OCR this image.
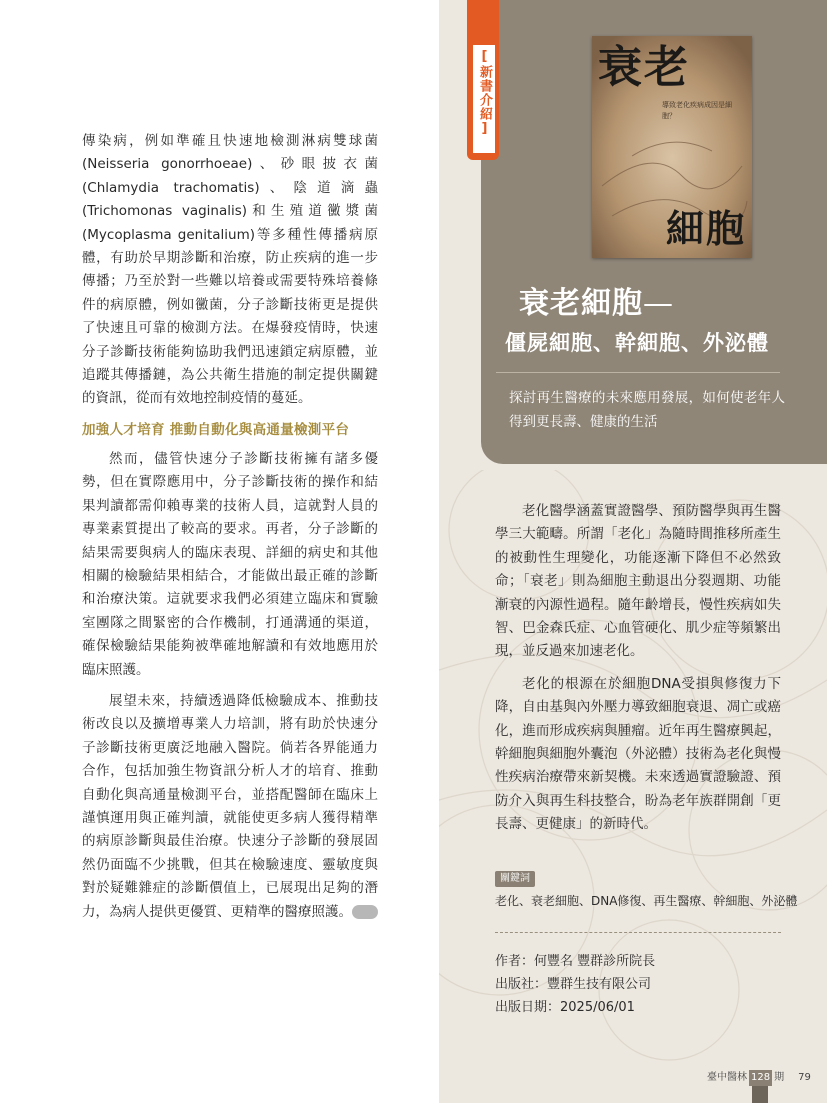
傳染病，例如準確且快速地檢測淋病雙球菌(Neisseria gonorrhoeae)、砂眼披衣菌(Chlamydia trachomatis)、陰道滴蟲(Trichomonas vaginalis)和生殖道黴漿菌 (Mycoplasma genitalium)等多種性傳播病原體，有助於早期診斷和治療，防止疾病的進一步傳播；乃至於對一些難以培養或需要特殊培養條件的病原體，例如黴菌，分子診斷技術更是提供了快速且可靠的檢測方法。在爆發疫情時，快速分子診斷技術能夠協助我們迅速鎖定病原體，並追蹤其傳播鏈，為公共衛生措施的制定提供關鍵的資訊，從而有效地控制疫情的蔓延。

加強人才培育 推動自動化與高通量檢測平台

然而，儘管快速分子診斷技術擁有諸多優勢，但在實際應用中，分子診斷技術的操作和結果判讀都需仰賴專業的技術人員，這就對人員的專業素質提出了較高的要求。再者，分子診斷的結果需要與病人的臨床表現、詳細的病史和其他相關的檢驗結果相結合，才能做出最正確的診斷和治療決策。這就要求我們必須建立臨床和實驗室團隊之間緊密的合作機制，打通溝通的渠道，確保檢驗結果能夠被準確地解讀和有效地應用於臨床照護。

展望未來，持續透過降低檢驗成本、推動技術改良以及擴增專業人力培訓，將有助於快速分子診斷技術更廣泛地融入醫院。倘若各界能通力合作，包括加強生物資訊分析人才的培育、推動自動化與高通量檢測平台，並搭配醫師在臨床上謹慎運用與正確判讀，就能使更多病人獲得精準的病原診斷與最佳治療。快速分子診斷的發展固然仍面臨不少挑戰，但其在檢驗速度、靈敏度與對於疑難雜症的診斷價值上，已展現出足夠的潛力，為病人提供更優質、更精準的醫療照護。	»»

[ 新書介紹 ] 衰老
導致老化疾病成因是細胞？
細胞
衰老細胞—
僵屍細胞、幹細胞、外泌體
探討再生醫療的未來應用發展，如何使老年人得到更長壽、健康的生活

老化醫學涵蓋實證醫學、預防醫學與再生醫學三大範疇。所謂「老化」為隨時間推移所產生的被動性生理變化，功能逐漸下降但不必然致命；「衰老」則為細胞主動退出分裂週期、功能漸衰的內源性過程。隨年齡增長，慢性疾病如失智、巴金森氏症、心血管硬化、肌少症等頻繁出現，並反過來加速老化。

老化的根源在於細胞DNA受損與修復力下降，自由基與內外壓力導致細胞衰退、凋亡或癌化，進而形成疾病與腫瘤。近年再生醫療興起，幹細胞與細胞外囊泡（外泌體）技術為老化與慢性疾病治療帶來新契機。未來透過實證驗證、預防介入與再生科技整合，盼為老年族群開創「更長壽、更健康」的新時代。

關鍵詞
老化、衰老細胞、DNA修復、再生醫療、幹細胞、外泌體
作者：何豐名 豐群診所院長
出版社：豐群生技有限公司
出版日期：2025/06/01
臺中醫林 128 期 79
